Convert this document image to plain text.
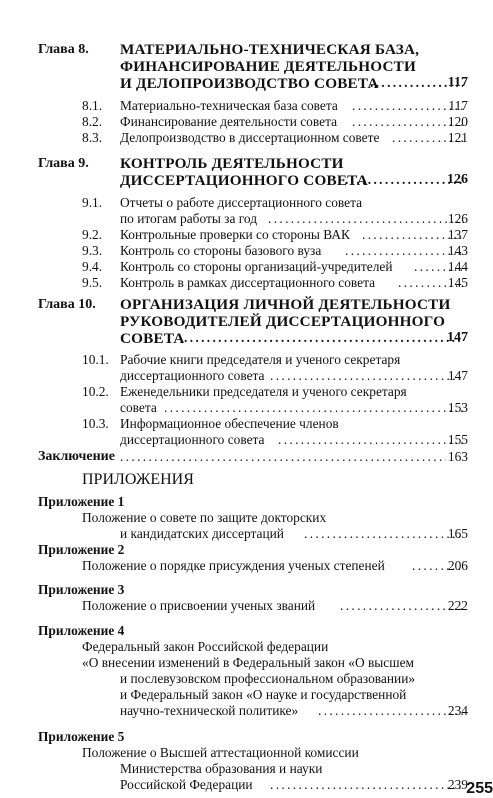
Глава 8. МАТЕРИАЛЬНО-ТЕХНИЧЕСКАЯ БАЗА,
ФИНАНСИРОВАНИЕ ДЕЯТЕЛЬНОСТИ
И ДЕЛОПРОИЗВОДСТВО СОВЕТА . . .	117
8.1. Материально-техническая база совета . . .	117
8.2. Финансирование деятельности совета . . .	120
8.3. Делопроизводство в диссертационном совете . . .	121
Глава 9. КОНТРОЛЬ ДЕЯТЕЛЬНОСТИ
ДИССЕРТАЦИОННОГО СОВЕТА . . .	126
9.1. Отчеты о работе диссертационного совета
по итогам работы за год . . .	126
9.2. Контрольные проверки со стороны ВАК . . .	137
9.3. Контроль со стороны базового вуза . . .	143
9.4. Контроль со стороны организаций-учредителей . . .	144
9.5. Контроль в рамках диссертационного совета . . .	145
Глава 10. ОРГАНИЗАЦИЯ ЛИЧНОЙ ДЕЯТЕЛЬНОСТИ
РУКОВОДИТЕЛЕЙ ДИССЕРТАЦИОННОГО
СОВЕТА . . .	147
10.1. Рабочие книги председателя и ученого секретаря
диссертационного совета . . .	147
10.2. Еженедельники председателя и ученого секретаря
совета . . .	153
10.3. Информационное обеспечение членов
диссертационного совета . . .	155
Заключение . . .	163
ПРИЛОЖЕНИЯ
Приложение 1
Положение о совете по защите докторских
и кандидатских диссертаций . . .	165
Приложение 2
Положение о порядке присуждения ученых степеней . . .	206
Приложение 3
Положение о присвоении ученых званий . . .	222
Приложение 4
Федеральный закон Российской федерации
«О внесении изменений в Федеральный закон «О высшем
и послевузовском профессиональном образовании»
и Федеральный закон «О науке и государственной
научно-технической политике» . . .	234
Приложение 5
Положение о Высшей аттестационной комиссии
Министерства образования и науки
Российской Федерации . . .	239
255
